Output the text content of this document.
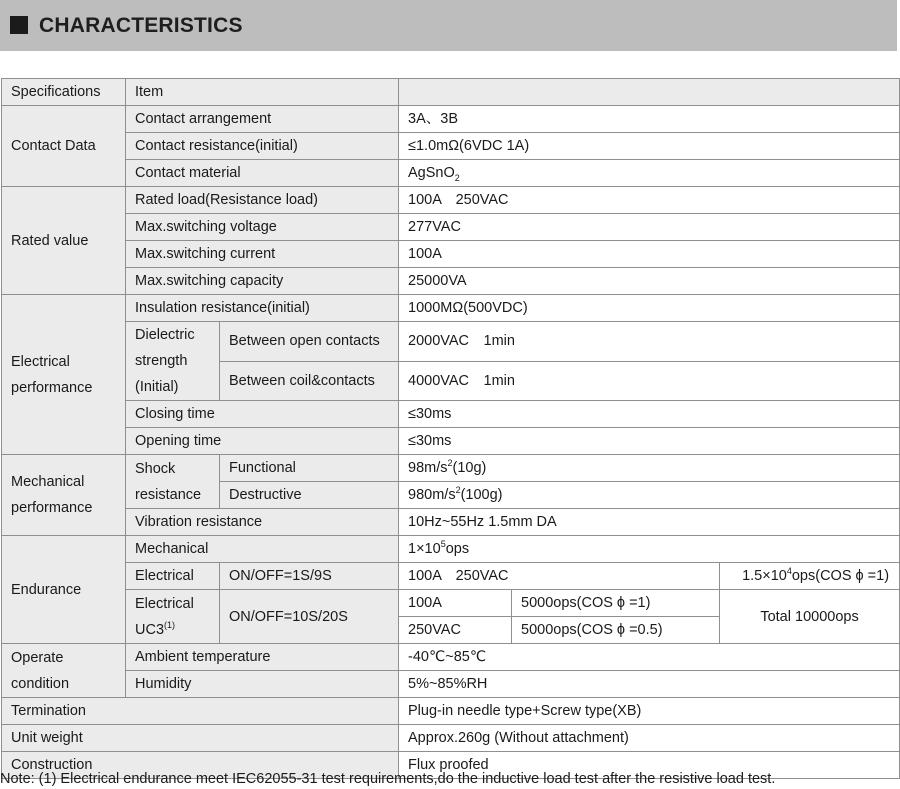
CHARACTERISTICS
Specifications	Item				
Contact Data	Contact arrangement		3A、3B		
	Contact resistance(initial)		≤1.0mΩ(6VDC 1A)		
	Contact material		AgSnO$_2$
Rated value	Rated load(Resistance load)		100A　250VAC		
	Max.switching voltage		277VAC		
	Max.switching current		100A		
	Max.switching capacity		25000VA		
Electrical performance	Insulation resistance(initial)		1000MΩ(500VDC)		
	Dielectric strength (Initial)	Between open contacts	2000VAC　1min		
		Between coil&contacts	4000VAC　1min		
	Closing time		≤30ms		
	Opening time		≤30ms		
Mechanical performance	Shock resistance	Functional	$98m/s^2(10g)$		
		Destructive	$980m/s^2(100g)$		
	Vibration resistance		10Hz~55Hz 1.5mm DA		
Endurance	Mechanical		$1\times 10^5ops$		
	Electrical	ON/OFF=1S/9S	100A　250VAC		$1.5\times 10^4ops(COS$ ϕ =1)
	Electrical UC3$^{(1)}$	ON/OFF=10S/20S	100A	5000ops(COS ϕ =1)	Total 10000ops
			250VAC	5000ops(COS ϕ =0.5)	
Operate condition	Ambient temperature		-40℃~85℃		
	Humidity		5%~85%RH		
Termination			Plug-in needle type+Screw type(XB)		
Unit weight			Approx.260g (Without attachment)		
Construction			Flux proofed		
Note: (1) Electrical endurance meet IEC62055-31 test requirements,do the inductive load test after the resistive load test.
